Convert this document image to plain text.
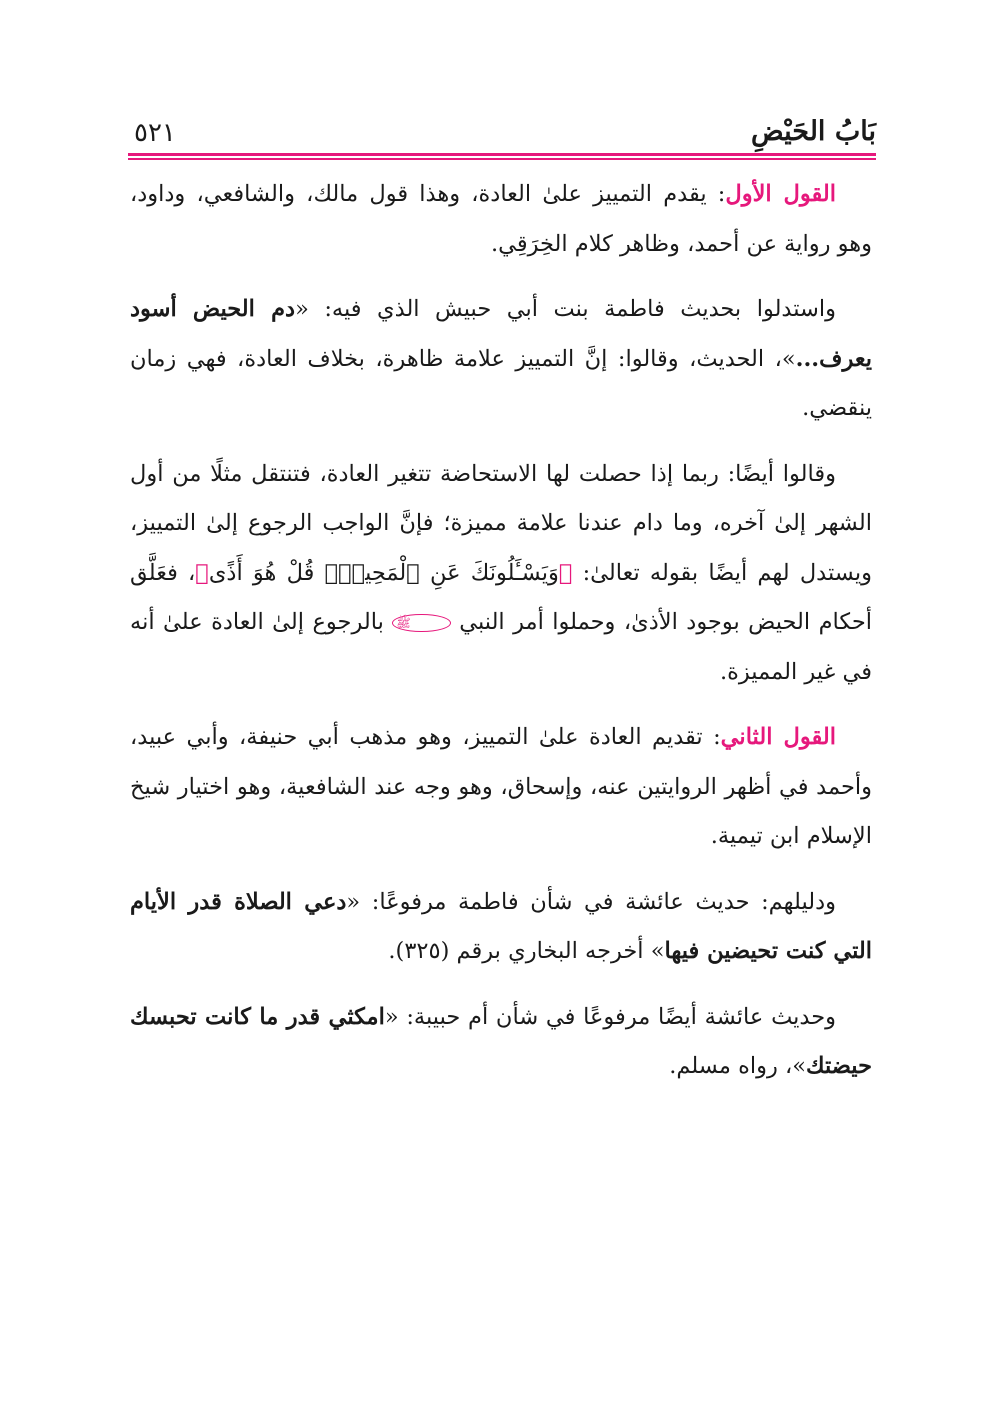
بَابُ الحَيْضِ
٥٢١

القول الأول: يقدم التمييز علىٰ العادة، وهذا قول مالك، والشافعي، وداود، وهو رواية عن أحمد، وظاهر كلام الخِرَقِي.

واستدلوا بحديث فاطمة بنت أبي حبيش الذي فيه: «دم الحيض أسود يعرف...»، الحديث، وقالوا: إنَّ التمييز علامة ظاهرة، بخلاف العادة، فهي زمان ينقضي.

وقالوا أيضًا: ربما إذا حصلت لها الاستحاضة تتغير العادة، فتنتقل مثلًا من أول الشهر إلىٰ آخره، وما دام عندنا علامة مميزة؛ فإنَّ الواجب الرجوع إلىٰ التمييز، ويستدل لهم أيضًا بقوله تعالىٰ: ﴿وَيَسْـَٔلُونَكَ عَنِ ٱلْمَحِيضِۖ قُلْ هُوَ أَذًى﴾، فعَلَّق أحكام الحيض بوجود الأذىٰ، وحملوا أمر النبي ﷺ بالرجوع إلىٰ العادة علىٰ أنه في غير المميزة.

القول الثاني: تقديم العادة علىٰ التمييز، وهو مذهب أبي حنيفة، وأبي عبيد، وأحمد في أظهر الروايتين عنه، وإسحاق، وهو وجه عند الشافعية، وهو اختيار شيخ الإسلام ابن تيمية.

ودليلهم: حديث عائشة في شأن فاطمة مرفوعًا: «دعي الصلاة قدر الأيام التي كنت تحيضين فيها» أخرجه البخاري برقم (٣٢٥).

وحديث عائشة أيضًا مرفوعًا في شأن أم حبيبة: «امكثي قدر ما كانت تحبسك حيضتك»، رواه مسلم.
